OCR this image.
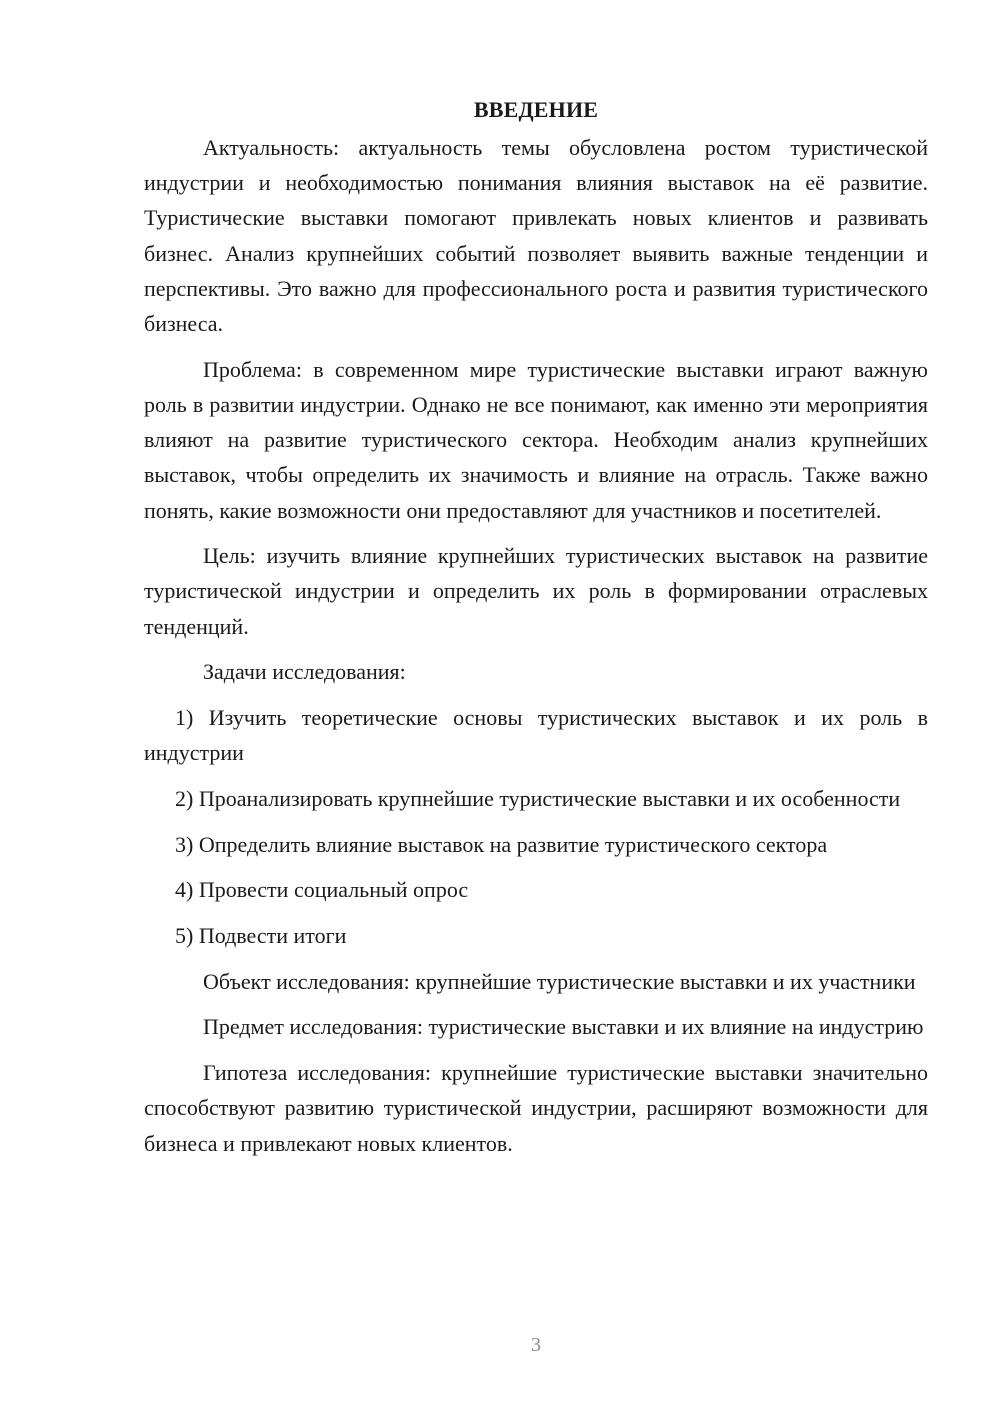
ВВЕДЕНИЕ

Актуальность: актуальность темы обусловлена ростом туристической индустрии и необходимостью понимания влияния выставок на её развитие. Туристические выставки помогают привлекать новых клиентов и развивать бизнес. Анализ крупнейших событий позволяет выявить важные тенденции и перспективы. Это важно для профессионального роста и развития туристического бизнеса.

Проблема: в современном мире туристические выставки играют важную роль в развитии индустрии. Однако не все понимают, как именно эти мероприятия влияют на развитие туристического сектора. Необходим анализ крупнейших выставок, чтобы определить их значимость и влияние на отрасль. Также важно понять, какие возможности они предоставляют для участников и посетителей.

Цель: изучить влияние крупнейших туристических выставок на развитие туристической индустрии и определить их роль в формировании отраслевых тенденций.

Задачи исследования:

1) Изучить теоретические основы туристических выставок и их роль в индустрии

2) Проанализировать крупнейшие туристические выставки и их особенности

3) Определить влияние выставок на развитие туристического сектора

4) Провести социальный опрос

5) Подвести итоги

Объект исследования: крупнейшие туристические выставки и их участники

Предмет исследования: туристические выставки и их влияние на индустрию

Гипотеза исследования: крупнейшие туристические выставки значительно способствуют развитию туристической индустрии, расширяют возможности для бизнеса и привлекают новых клиентов.

3
